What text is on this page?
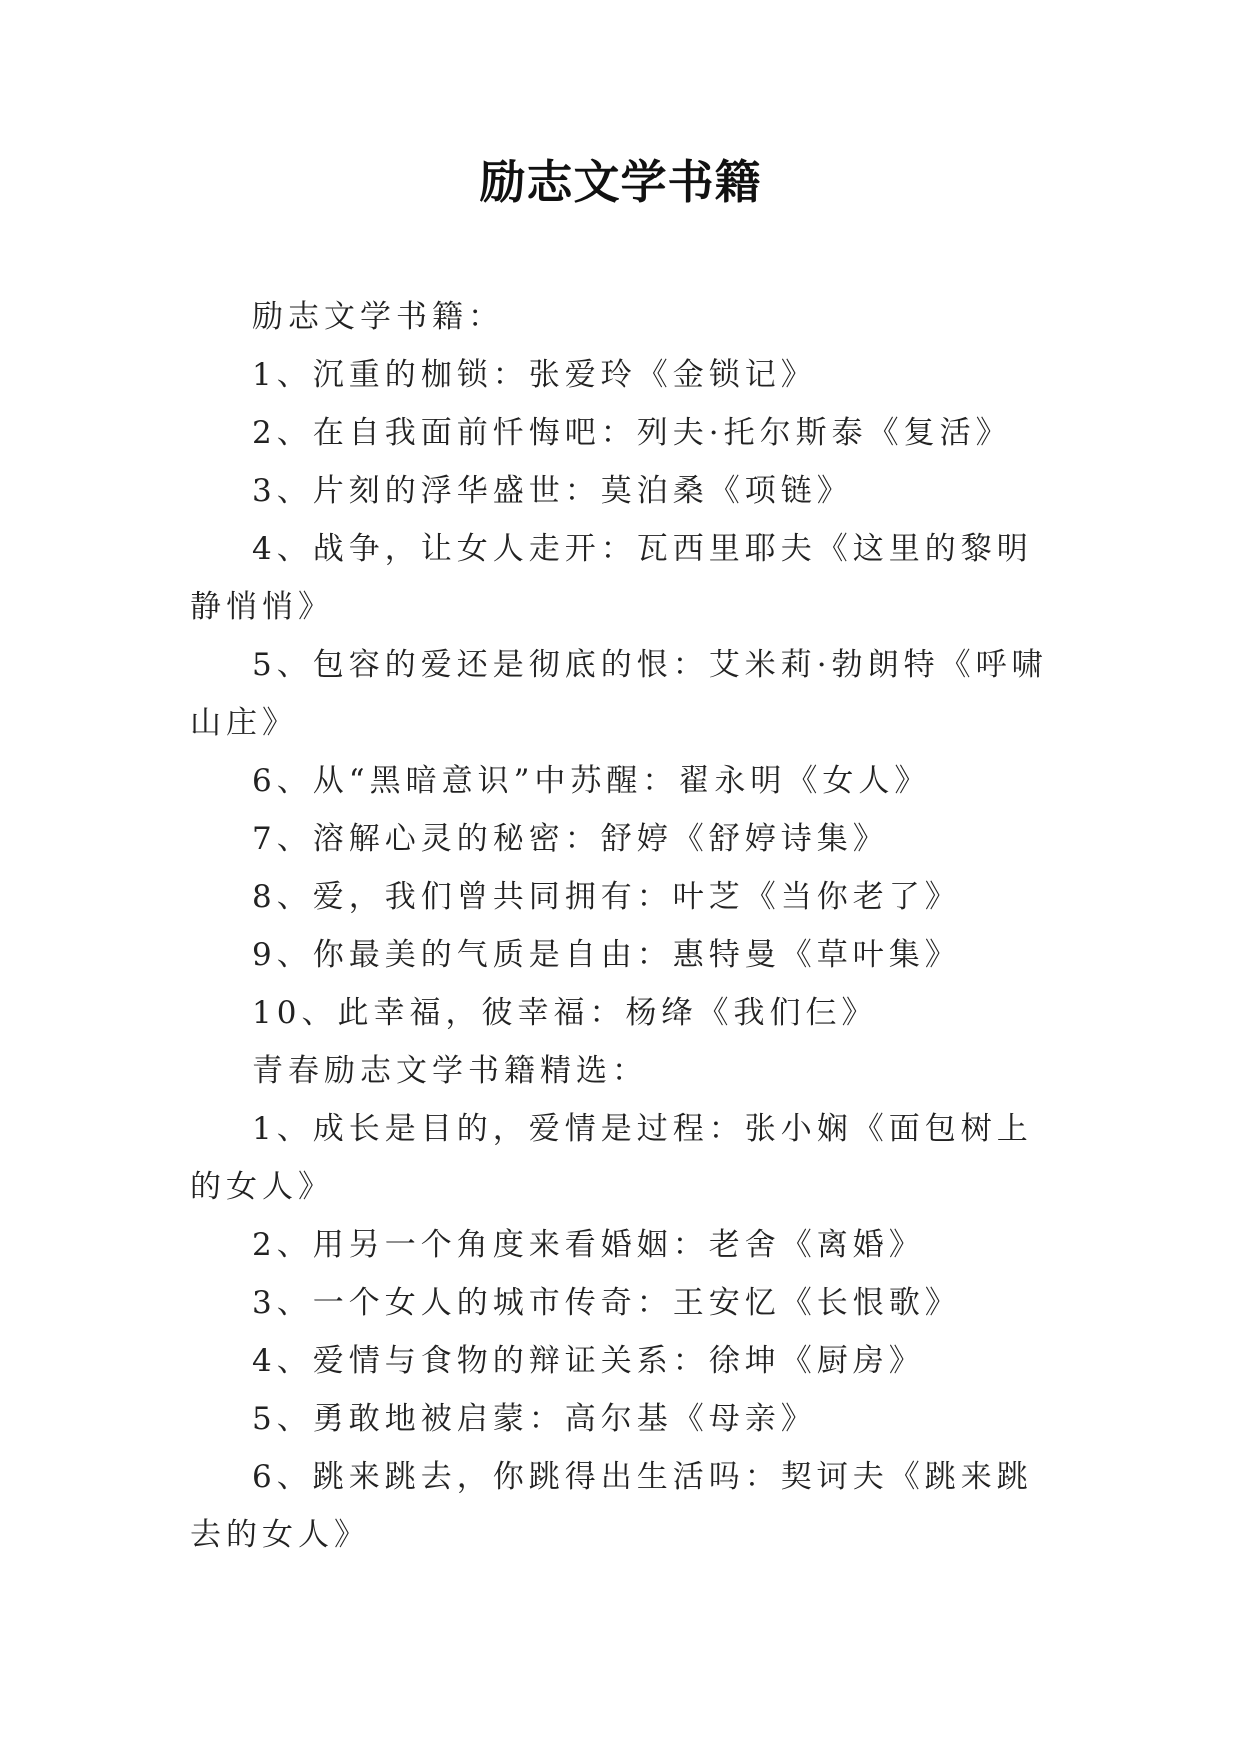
励志文学书籍

励志文学书籍：

1、沉重的枷锁：张爱玲《金锁记》

2、在自我面前忏悔吧：列夫·托尔斯泰《复活》

3、片刻的浮华盛世：莫泊桑《项链》

4、战争，让女人走开：瓦西里耶夫《这里的黎明静悄悄》

5、包容的爱还是彻底的恨：艾米莉·勃朗特《呼啸山庄》

6、从“黑暗意识”中苏醒：翟永明《女人》

7、溶解心灵的秘密：舒婷《舒婷诗集》

8、爱，我们曾共同拥有：叶芝《当你老了》

9、你最美的气质是自由：惠特曼《草叶集》

10、此幸福，彼幸福：杨绛《我们仨》

青春励志文学书籍精选：

1、成长是目的，爱情是过程：张小娴《面包树上的女人》

2、用另一个角度来看婚姻：老舍《离婚》

3、一个女人的城市传奇：王安忆《长恨歌》

4、爱情与食物的辩证关系：徐坤《厨房》

5、勇敢地被启蒙：高尔基《母亲》

6、跳来跳去，你跳得出生活吗：契诃夫《跳来跳去的女人》
